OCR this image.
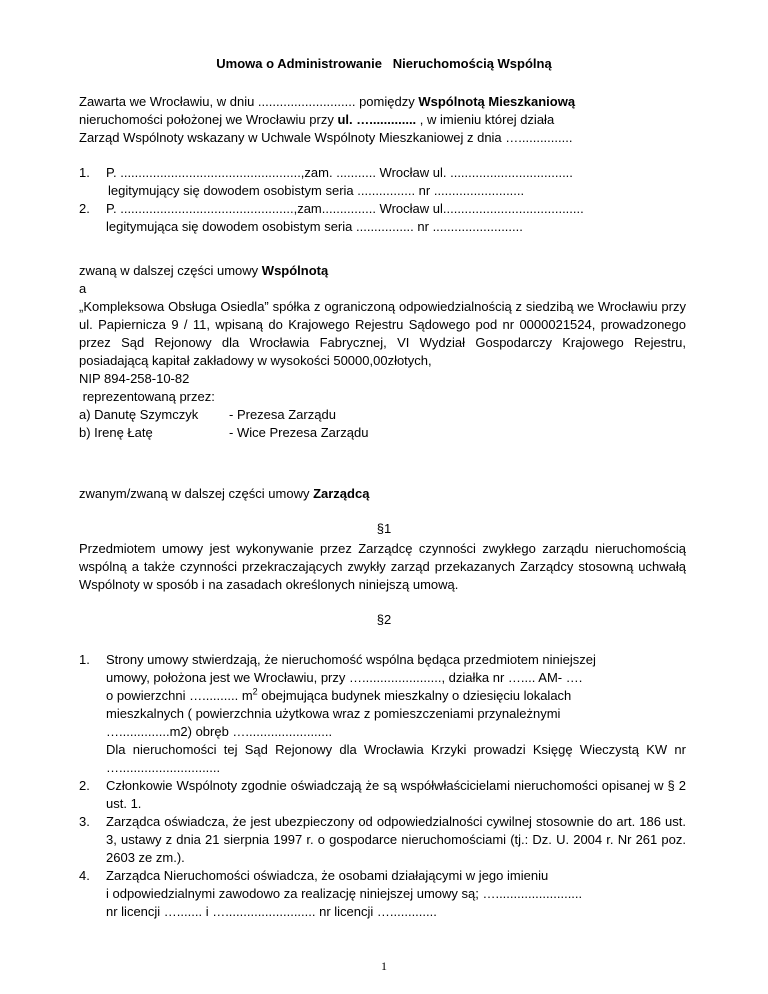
Umowa o Administrowanie   Nieruchomością Wspólną
Zawarta we Wrocławiu, w dniu ........................... pomiędzy Wspólnotą Mieszkaniową
nieruchomości położonej we Wrocławiu przy ul. …............. , w imieniu której działa
Zarząd Wspólnoty wskazany w Uchwale Wspólnoty Mieszkaniowej z dnia …...............
1. P. ..................................................,zam. ........... Wrocław ul. ..................................
legitymujący się dowodem osobistym seria ................ nr .........................
2. P. ................................................,zam............... Wrocław ul.......................................
legitymująca się dowodem osobistym seria ................ nr .........................
zwaną w dalszej części umowy Wspólnotą
a
„Kompleksowa Obsługa Osiedla” spółka z ograniczoną odpowiedzialnością z siedzibą we Wrocławiu przy ul. Papiernicza 9 / 11, wpisaną do Krajowego Rejestru Sądowego pod nr 0000021524, prowadzonego przez Sąd Rejonowy dla Wrocławia Fabrycznej, VI Wydział Gospodarczy Krajowego Rejestru, posiadającą kapitał zakładowy w wysokości 50000,00złotych,
NIP 894-258-10-82
reprezentowaną przez:
a) Danutę Szymczyk - Prezesa Zarządu
b) Irenę Łatę	- Wice Prezesa Zarządu
zwanym/zwaną w dalszej części umowy Zarządcą
§1
Przedmiotem umowy jest wykonywanie przez Zarządcę czynności zwykłego zarządu nieruchomością wspólną a także czynności przekraczających zwykły zarząd przekazanych Zarządcy stosowną uchwałą Wspólnoty w sposób i na zasadach określonych niniejszą umową.
§2
1. Strony umowy stwierdzają, że nieruchomość wspólna będąca przedmiotem niniejszej
umowy, położona jest we Wrocławiu, przy …......................, działka nr ….... AM- ….
o powierzchni ….......... $m^2$ obejmująca budynek mieszkalny o dziesięciu lokalach
mieszkalnych ( powierzchnia użytkowa wraz z pomieszczeniami przynależnymi
…..............m2) obręb …........................
Dla nieruchomości tej Sąd Rejonowy dla Wrocławia Krzyki prowadzi Księgę Wieczystą KW nr …............................
2. Członkowie Wspólnoty zgodnie oświadczają że są współwłaścicielami nieruchomości opisanej w § 2 ust. 1.
3. Zarządca oświadcza, że jest ubezpieczony od odpowiedzialności cywilnej stosownie do art. 186 ust. 3, ustawy z dnia 21 sierpnia 1997 r. o gospodarce nieruchomościami (tj.: Dz. U. 2004 r. Nr 261 poz. 2603 ze zm.).
4. Zarządca Nieruchomości oświadcza, że osobami działającymi w jego imieniu
i odpowiedzialnymi zawodowo za realizację niniejszej umowy są; …........................
nr licencji …....... i …......................... nr licencji ….............
1
